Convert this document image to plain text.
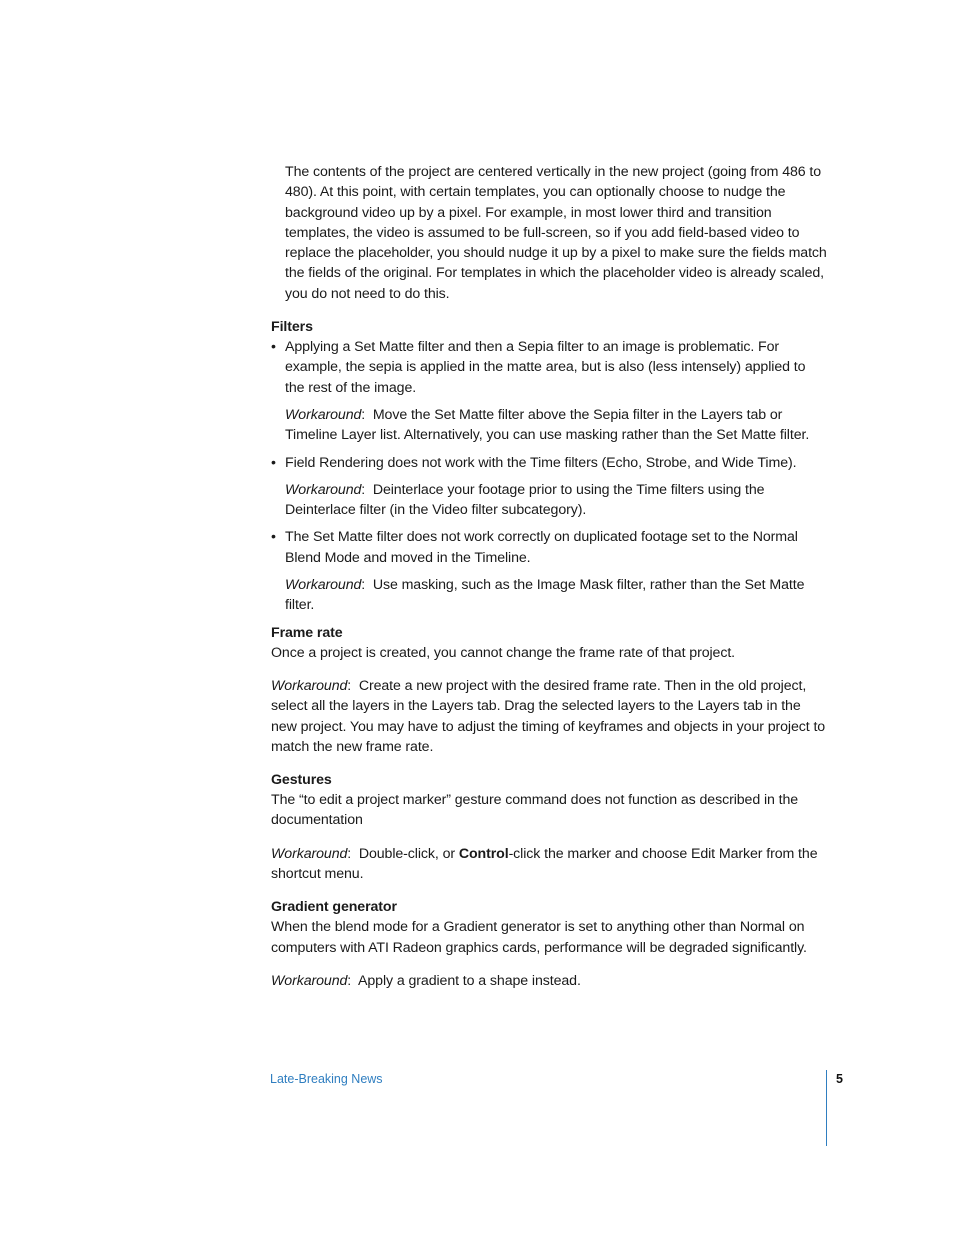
The contents of the project are centered vertically in the new project (going from 486 to 480). At this point, with certain templates, you can optionally choose to nudge the background video up by a pixel. For example, in most lower third and transition templates, the video is assumed to be full-screen, so if you add field-based video to replace the placeholder, you should nudge it up by a pixel to make sure the fields match the fields of the original. For templates in which the placeholder video is already scaled, you do not need to do this.

Filters
• Applying a Set Matte filter and then a Sepia filter to an image is problematic. For example, the sepia is applied in the matte area, but is also (less intensely) applied to the rest of the image.

Workaround:  Move the Set Matte filter above the Sepia filter in the Layers tab or Timeline Layer list. Alternatively, you can use masking rather than the Set Matte filter.

• Field Rendering does not work with the Time filters (Echo, Strobe, and Wide Time).

Workaround:  Deinterlace your footage prior to using the Time filters using the Deinterlace filter (in the Video filter subcategory).

• The Set Matte filter does not work correctly on duplicated footage set to the Normal Blend Mode and moved in the Timeline.

Workaround:  Use masking, such as the Image Mask filter, rather than the Set Matte filter.

Frame rate

Once a project is created, you cannot change the frame rate of that project.

Workaround:  Create a new project with the desired frame rate. Then in the old project, select all the layers in the Layers tab. Drag the selected layers to the Layers tab in the new project. You may have to adjust the timing of keyframes and objects in your project to match the new frame rate.

Gestures

The “to edit a project marker” gesture command does not function as described in the documentation

Workaround:  Double-click, or Control-click the marker and choose Edit Marker from the shortcut menu.

Gradient generator

When the blend mode for a Gradient generator is set to anything other than Normal on computers with ATI Radeon graphics cards, performance will be degraded significantly.

Workaround:  Apply a gradient to a shape instead.

Late-Breaking News	5
